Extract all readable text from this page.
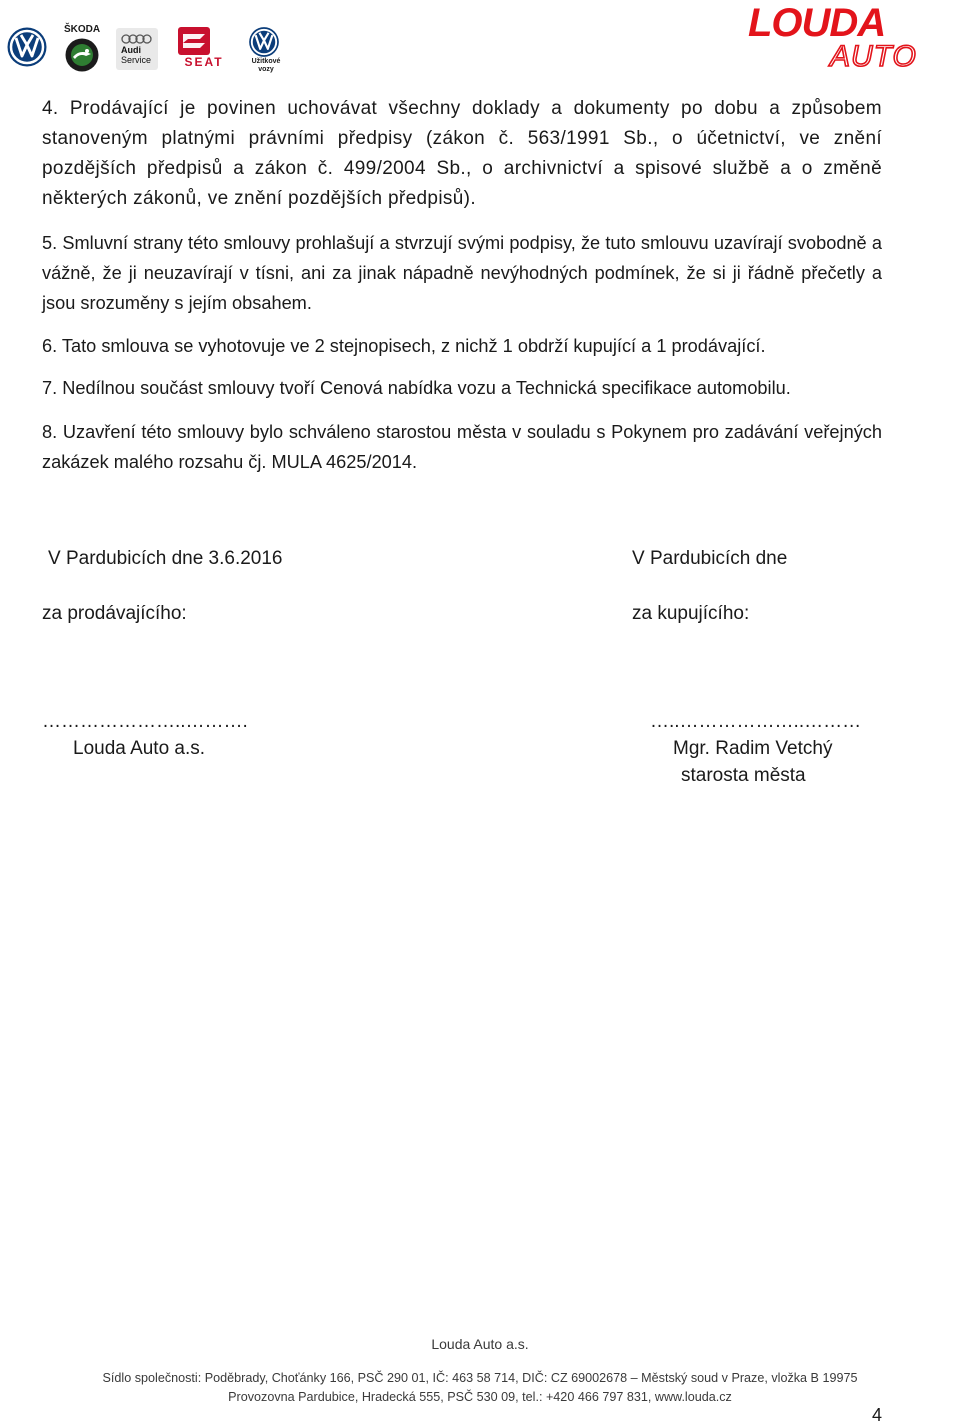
ŠKODA
Audi
Service	SEAT	Užitkové
vozy
LOUDA
AUTO

4. Prodávající je povinen uchovávat všechny doklady a dokumenty po dobu a způsobem stanoveným platnými právními předpisy (zákon č. 563/1991 Sb., o účetnictví, ve znění pozdějších předpisů a zákon č. 499/2004 Sb., o archivnictví a spisové službě a o změně některých zákonů, ve znění pozdějších předpisů).

5. Smluvní strany této smlouvy prohlašují a stvrzují svými podpisy, že tuto smlouvu uzavírají svobodně a vážně, že ji neuzavírají v tísni, ani za jinak nápadně nevýhodných podmínek, že si ji řádně přečetly a jsou srozuměny s jejím obsahem.

6. Tato smlouva se vyhotovuje ve 2 stejnopisech, z nichž 1 obdrží kupující a 1 prodávající.

7. Nedílnou součást smlouvy tvoří Cenová nabídka vozu a Technická specifikace automobilu.

8. Uzavření této smlouvy bylo schváleno starostou města v souladu s Pokynem pro zadávání veřejných zakázek malého rozsahu čj. MULA 4625/2014.

V Pardubicích dne 3.6.2016
za prodávajícího:
…………………..……….
Louda Auto a.s.
V Pardubicích dne
za kupujícího:
…..………………..………
Mgr. Radim Vetchý
starosta města
Louda Auto a.s.
Sídlo společnosti: Poděbrady, Choťánky 166, PSČ 290 01, IČ: 463 58 714, DIČ: CZ 69002678 – Městský soud v Praze, vložka B 19975
Provozovna Pardubice, Hradecká 555, PSČ 530 09, tel.: +420 466 797 831, www.louda.cz
4
